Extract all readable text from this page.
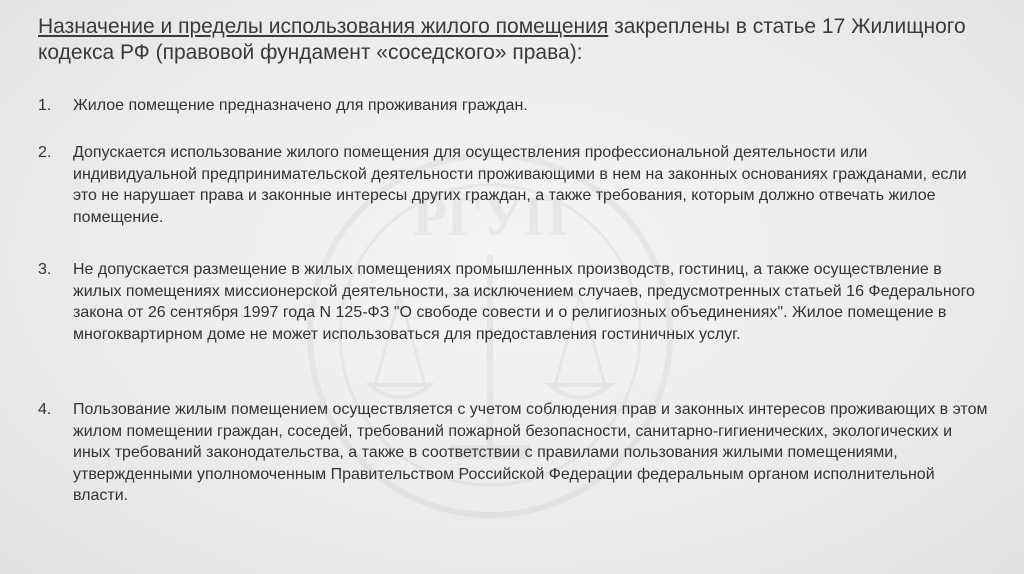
РГУП
Назначение и пределы использования жилого помещения закреплены в статье 17 Жилищного кодекса РФ (правовой фундамент «соседского» права):
1.	Жилое помещение предназначено для проживания граждан.
2.	Допускается использование жилого помещения для осуществления профессиональной деятельности или индивидуальной предпринимательской деятельности проживающими в нем на законных основаниях гражданами, если это не нарушает права и законные интересы других граждан, а также требования, которым должно отвечать жилое помещение.
3.	Не допускается размещение в жилых помещениях промышленных производств, гостиниц, а также осуществление в жилых помещениях миссионерской деятельности, за исключением случаев, предусмотренных статьей 16 Федерального закона от 26 сентября 1997 года N 125-ФЗ "О свободе совести и о религиозных объединениях". Жилое помещение в многоквартирном доме не может использоваться для предоставления гостиничных услуг.
4.	Пользование жилым помещением осуществляется с учетом соблюдения прав и законных интересов проживающих в этом жилом помещении граждан, соседей, требований пожарной безопасности, санитарно-гигиенических, экологических и иных требований законодательства, а также в соответствии с правилами пользования жилыми помещениями, утвержденными уполномоченным Правительством Российской Федерации федеральным органом исполнительной власти.
